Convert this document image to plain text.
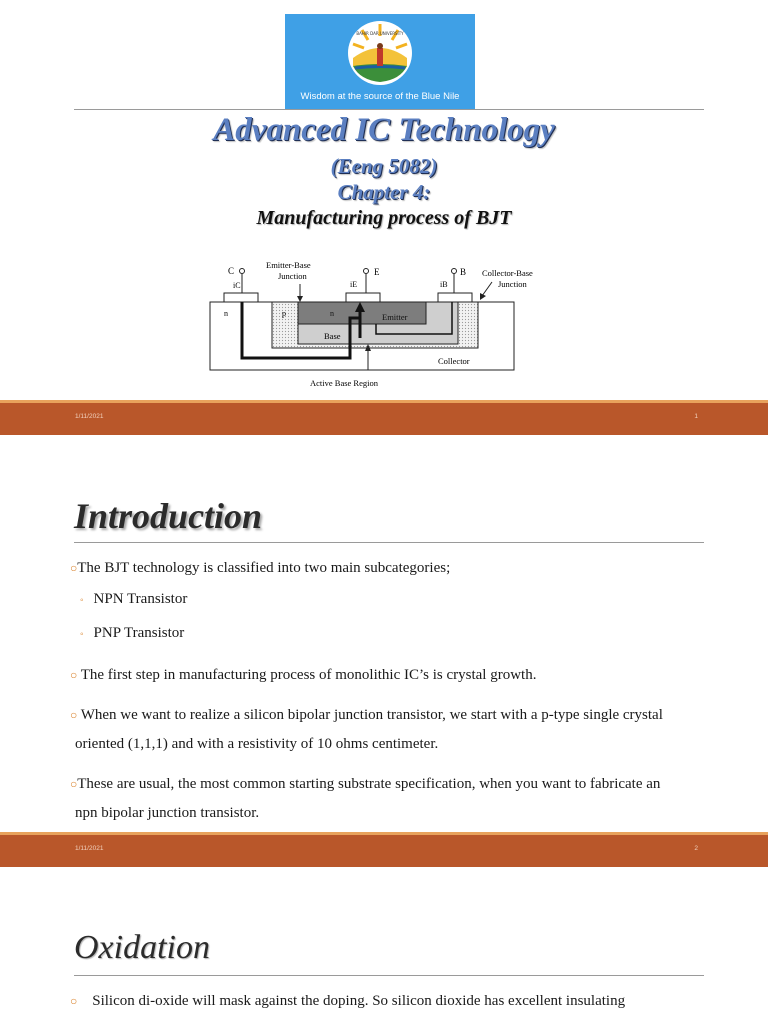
BAHIR DAR UNIVERSITY
Wisdom at the source of the Blue Nile
Advanced IC Technology
(Eeng 5082)
Chapter 4:
Manufacturing process of BJT
C
iC
Emitter-Base
Junction
iE
E
iB
B Collector-Base
Junction
n	p	n	Emitter
Base
Collector
Active Base Region
1/11/2021	1
Introduction
○The BJT technology is classified into two main subcategories;
◦ NPN Transistor
◦ PNP Transistor
○ The first step in manufacturing process of monolithic IC’s is crystal growth.
○ When we want to realize a silicon bipolar junction transistor, we start with a p-type single crystal
oriented (1,1,1) and with a resistivity of 10 ohms centimeter.
○These are usual, the most common starting substrate specification, when you want to fabricate an
npn bipolar junction transistor.
1/11/2021	2
Oxidation
○ Silicon di-oxide will mask against the doping. So silicon dioxide has excellent insulating
